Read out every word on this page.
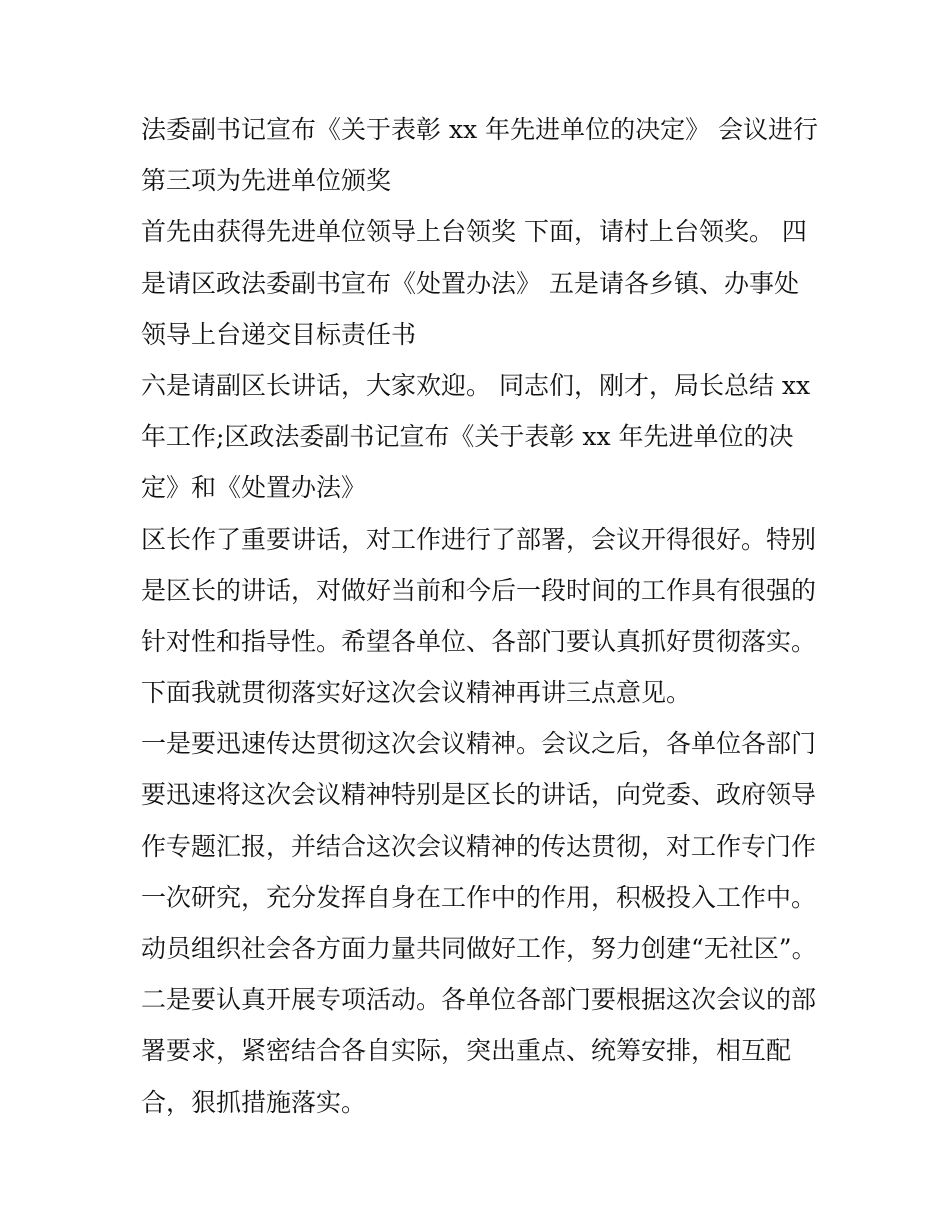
法委副书记宣布《关于表彰 xx 年先进单位的决定》 会议进行
第三项为先进单位颁奖
首先由获得先进单位领导上台领奖 下面，请村上台领奖。 四
是请区政法委副书宣布《处置办法》 五是请各乡镇、办事处
领导上台递交目标责任书
六是请副区长讲话，大家欢迎。 同志们，刚才，局长总结 xx
年工作;区政法委副书记宣布《关于表彰 xx 年先进单位的决
定》和《处置办法》
区长作了重要讲话，对工作进行了部署，会议开得很好。特别
是区长的讲话，对做好当前和今后一段时间的工作具有很强的
针对性和指导性。希望各单位、各部门要认真抓好贯彻落实。
下面我就贯彻落实好这次会议精神再讲三点意见。
一是要迅速传达贯彻这次会议精神。会议之后，各单位各部门
要迅速将这次会议精神特别是区长的讲话，向党委、政府领导
作专题汇报，并结合这次会议精神的传达贯彻，对工作专门作
一次研究，充分发挥自身在工作中的作用，积极投入工作中。
动员组织社会各方面力量共同做好工作，努力创建“无社区”。
二是要认真开展专项活动。各单位各部门要根据这次会议的部
署要求，紧密结合各自实际，突出重点、统筹安排，相互配
合，狠抓措施落实。
